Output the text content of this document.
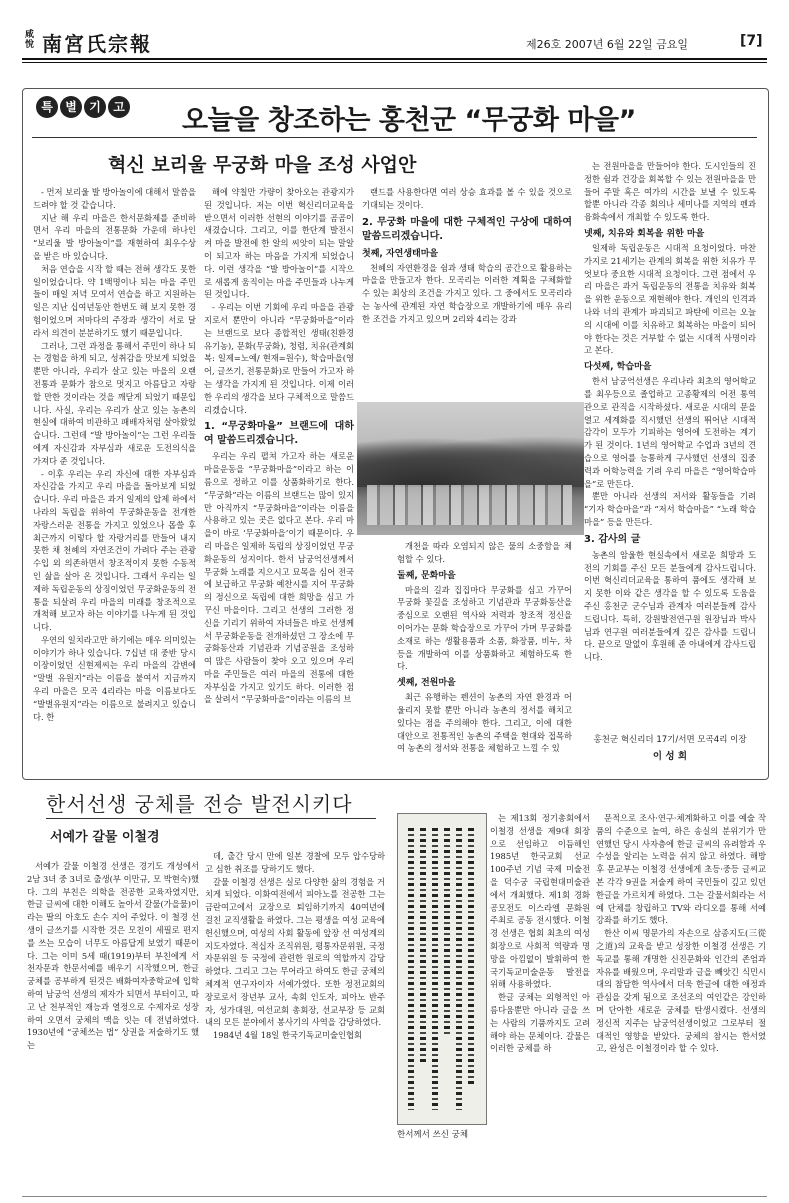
咸悅 南宮氏宗報	제26호 2007년 6월 22일 금요일	[7]
특 별 기 고 오늘을 창조하는 홍천군 “무궁화 마을”
혁신 보리울 무궁화 마을 조성 사업안

- 먼저 보리울 발 방아놀이에 대해서 말씀을 드려야 할 것 같습니다.

지난 해 우리 마을은 한서문화제를 준비하면서 우리 마을의 전통문화 가운데 하나인 “보리울 발 방아놀이”를 재현하여 최우수상을 받은 바 있습니다.

처음 연습을 시작 할 때는 전혀 생각도 못한 일이었습니다. 약 1백명이나 되는 마을 주민들이 매일 저녁 모여서 연습을 하고 지원하는 일은 지난 십여년동안 한번도 해 보지 못한 경험이었으며 저마다의 주장과 생각이 서로 달라서 의견이 분분하기도 했기 때문입니다.

그러나, 그런 과정을 통해서 주민이 하나 되는 경험을 하게 되고, 성취감을 맛보게 되었을 뿐만 아니라, 우리가 살고 있는 마을의 오랜 전통과 문화가 참으로 멋지고 아름답고 자랑할 만한 것이라는 것을 깨닫게 되었기 때문입니다. 사실, 우리는 우리가 살고 있는 농촌의 현실에 대하여 비관하고 패배자처럼 살아왔었습니다. 그런데 “발 방아놀이”는 그런 우리들에게 자신감과 자부심과 새로운 도전의식을 가져다 준 것입니다.

- 이후 우리는 우리 자신에 대한 자부심과 자신감을 가지고 우리 마을을 돌아보게 되었습니다. 우리 마을은 과거 일제의 압제 하에서 나라의 독립을 위하여 무궁화운동을 전개한 자랑스러운 전통을 가지고 있었으나 몹쓸 후 최근까지 이렇다 할 자랑거리를 만들어 내지 못한 채 천혜의 자연조건이 가려다 주는 관광수입 외 의존하면서 창조적이지 못한 수동적인 삶을 살아 온 것입니다. 그래서 우리는 일제하 독립운동의 상징이었던 무궁화운동의 전통을 되살려 우리 마을의 미래를 창조적으로 개척해 보고자 하는 이야기를 나누게 된 것입니다.

우연의 일치라고만 하기에는 매우 의미있는 이야기가 하나 있습니다. 7십년 대 중반 당시 이장이었던 신현제씨는 우리 마을의 감변에 “말벌 유원지”라는 이름을 붙여서 지금까지 우리 마을은 모곡 4리라는 마을 이름보다도 “발벌유원지”라는 이름으로 불려지고 있습니다. 한

해에 약칠만 가량이 찾아오는 관광지가 된 것입니다. 저는 이번 혁신리더교육을 받으면서 이러한 선현의 이야기를 곰곰이 새겼습니다. 그리고, 이를 한단계 발전시켜 마을 발전에 한 알의 씨앗이 되는 말알이 되고자 하는 마음을 가지게 되었습니다. 이런 생각을 “발 방아놀이”를 시작으로 새롭게 움직이는 마을 주민들과 나누게 된 것입니다.

- 우리는 이번 기회에 우리 마을을 관광지로서 뿐만이 아니라 “무궁화마을”이라는 브랜드로 보다 종합적인 생태(친환경유기농), 문화(무궁화), 청렴, 치유(관계회복: 일제=노예/ 현재=원수), 학습마을(영어, 글쓰기, 전통문화)로 만들어 가고자 하는 생각을 가지게 된 것입니다. 이제 이러한 우리의 생각을 보다 구체적으로 말씀드리겠습니다.

1. “무궁화마을” 브랜드에 대하여 말씀드리겠습니다.

우리는 우리 펼쳐 가고자 하는 새로운 마을운동을 “무궁화마을”이라고 하는 이름으로 정하고 이를 상품화하기로 한다. “무궁화”라는 이름의 브랜드는 많이 있지만 아직까지 “무궁화마을”이라는 이름을 사용하고 있는 곳은 없다고 본다. 우리 마을이 바로 ‘무궁화마을’이기 때문이다. 우리 마을은 일제하 독립의 상징이었던 무궁화운동의 성지이다. 한서 남궁억선생께서 무궁화 노래를 지으시고 묘목을 심어 전국에 보급하고 무궁화 예찬시를 지어 무궁화의 정신으로 독립에 대한 희망을 심고 가꾸신 마을이다. 그리고 선생의 그러한 정신을 기리기 위하여 자녀들은 바로 선생께서 무궁화운동을 전개하셨던 그 장소에 무궁화동산과 기념관과 기념공원을 조성하여 많은 사람들이 찾아 오고 있으며 우리 마을 주민들은 여러 마을의 전통에 대한 자부심을 가지고 있기도 하다. 이러한 점을 살려서 “무궁화마을”이라는 이름의 브

랜드를 사용한다면 여러 상승 효과를 볼 수 있을 것으로 기대되는 것이다.

2. 무궁화 마을에 대한 구체적인 구상에 대하여 말씀드리겠습니다.
첫째, 자연생태마을

천혜의 자연환경을 쉼과 생태 학습의 공간으로 활용하는 마을을 만들고자 한다. 모곡리는 이러한 계획을 구체화할 수 있는 최상의 조건을 가지고 있다. 그 중에서도 모곡리라는 농사에 관계된 자연 학습장으로 개발하기에 매우 유리한 조건을 가지고 있으며 2리와 4리는 강과

개천을 따라 오염되지 않은 물의 소중함을 체험할 수 있다.

둘째, 문화마을

마을의 길과 집집마다 무궁화를 심고 가꾸어 무궁화 꽃길을 조성하고 기념관과 무궁화동산을 중심으로 오랜된 역사와 저력과 창조적 정신을 이어가는 문화 학습장으로 가꾸어 가며 무궁화를 소재로 하는 생활용품과 소품, 화장품, 비누, 차 등을 개발하여 이를 상품화하고 체험하도록 한다.

셋째, 전원마을

최근 유행하는 펜션이 농촌의 자연 환경과 어울리지 못할 뿐만 아니라 농촌의 정서를 해치고 있다는 점을 주의해야 한다. 그리고, 이에 대한 대안으로 전통적인 농촌의 주택을 현대와 접목하여 농촌의 정서와 전통을 체험하고 느낄 수 있

는 전원마을을 만들어야 한다. 도시인들의 진정한 쉼과 건강을 회복할 수 있는 전원마을을 만들어 주말 혹은 여가의 시간을 보낼 수 있도록 할뿐 아니라 각종 회의나 세미나를 지역의 펜과 융화속에서 개최할 수 있도록 한다.

넷째, 치유와 회복을 위한 마을

일제하 독립운동은 시대적 요청이었다. 마찬가지로 21세기는 관계의 회복을 위한 치유가 무엇보다 중요한 시대적 요청이다. 그런 점에서 우리 마을은 과거 독립운동의 전통을 치유와 회복을 위한 운동으로 재현해야 한다. 개인의 인격과 나와 너의 관계가 파괴되고 파탄에 이르는 오늘의 시대에 이를 치유하고 회복하는 마을이 되어야 한다는 것은 거부할 수 없는 시대적 사명이라고 본다.

다섯째, 학습마을

한서 남궁억선생은 우리나라 최초의 영어학교를 최우등으로 졸업하고 고종황제의 어전 통역관으로 관직을 시작하셨다. 새로운 시대의 문을 열고 세계화를 직시했던 선생의 뛰어난 시대적 감각이 모두가 기피하는 영어에 도전하는 계기가 된 것이다. 1년의 영어학교 수업과 3년의 견습으로 영어를 능통하게 구사했던 선생의 집중력과 어학능력을 기려 우리 마을은 “영어학습마을”로 만든다.

뿐만 아니라 선생의 저서와 활동들을 기려 “기자 학습마을”과 “저서 학습마을” “노래 학습마을” 등을 만든다.

3. 감사의 글

농촌의 암울한 현실속에서 새로운 희망과 도전의 기회를 주신 모든 분들에게 감사드립니다. 이번 혁신리더교육을 통하여 품에도 생각해 보지 못한 이와 같은 생각을 할 수 있도록 도움을 주신 홍천군 군수님과 관계자 여러분들께 감사드립니다. 특히, 강원발전연구원 원장님과 박사님과 연구원 여러분들에게 깊은 감사를 드립니다. 끝으로 말없이 후원해 준 아내에게 감사드립니다.

홍천군 혁신리더 17기/서면 모곡4리 이장
이 성 희
한서선생 궁체를 전승 발전시키다
서예가 갈물 이철경

서예가 갈물 이철경 선생은 경기도 개성에서 2남 3녀 중 3녀로 출생(부 이만규, 모 박현숙)했다. 그의 부친은 의학을 전공한 교육자였지만, 한글 글씨에 대한 이해도 높아서 갈물(가을물)이라는 딸의 아호도 손수 지어 주었다. 이 철경 선생이 글쓰기를 시작한 것은 모친이 세필로 편지를 쓰는 모습이 너무도 아름답게 보였기 때문이다. 그는 이미 5세 때(1919)부터 부친에게 서 천자문과 한문서예를 배우기 시작했으며, 한글 궁체를 공부하게 된것은 배화여자중학교에 입학하여 남궁억 선생의 제자가 되면서 부터이고, 따고 난 천부적인 재능과 열정으로 수제자로 성장하여 오면서 궁체의 맥을 잇는 데 전념하였다. 1930년에 “궁체쓰는 법” 상권을 저술하기도 했는

데, 출간 당시 만에 일본 경찰에 모두 압수당하고 심한 취조를 당하기도 했다.

갈물 이철경 선생은 실로 다양한 삶의 경험을 거치게 되었다. 이화여전에서 피아노를 전공한 그는 금란여고에서 교장으로 퇴임하기까지 40여년에 걸친 교직생활을 하였다. 그는 평생을 여성 교육에 헌신했으며, 여성의 사회 활동에 앞장 선 여성계의 지도자였다. 적십자 조직위원, 평통자문위원, 국정자문위원 등 국정에 관련한 원로의 역할까지 감당하였다. 그리고 그는 무어라고 하여도 한글 궁체의 체계적 연구자이자 서예가였다. 또한 정전교회의 장로로서 장년부 교사, 속회 인도자, 피아노 반주자, 성가대원, 여선교회 총회장, 선교부장 등 교회 내의 모든 분야에서 봉사기의 사역을 감당하였다.

1984년 4월 18일 한국기독교미술인협회

한서께서 쓰신 궁체

는 제13회 정기총회에서 이철경 선생을 제9대 회장으로 선임하고 이듬해인 1985년 한국교회 선교 100주년 기념 국제 미술전을 덕수궁 국립현대미술관에서 개최했다. 제1회 경화 공모전도 이스라엘 문화원 주최로 공동 전시했다. 이철경 선생은 협회 최초의 여성 회장으로 사회적 역량과 명망을 아낌없이 발휘하여 한국기독교미술운동 발전을 위해 사용하였다.

한글 궁체는 외형적인 아름다움뿐만 아니라 글을 쓰는 사람의 기품까지도 고려해야 하는 문체이다. 갈물은 이러한 궁체를 하

문적으로 조사·연구·체계화하고 이를 예술 작품의 수준으로 높여, 하은 송실의 분위기가 만연했던 당시 사자층에 한글 글씨의 유려함과 우수성을 알리는 노력을 쉬지 않고 하였다. 해방 후 문교부는 이철경 선생에게 초등·중등 글씨교본 각각 9권을 저술케 하여 국민들이 깊고 있던 한글을 가르치게 하였다. 그는 갈물서회라는 서예 단체를 창립하고 TV와 라디오를 통해 서예 강좌를 하기도 했다.

한산 이씨 명문가의 자손으로 삼종지도(三從之道)의 교육을 받고 성장한 이철경 선생은 기독교를 통해 개명한 신진문화와 인간의 존엄과 자유를 배웠으며, 우리말과 글을 빼앗긴 식민시대의 참담한 역사에서 더욱 한글에 대한 애정과 관심을 갖게 됨으로 조선조의 여인같은 강인하며 단아한 새로운 궁체를 탄생시켰다. 선생의 정신적 지주는 남궁억선생이었고 그로부터 절대적인 영향을 받았다. 궁체의 참시는 한서였고, 완성은 이철경이라 할 수 있다.
